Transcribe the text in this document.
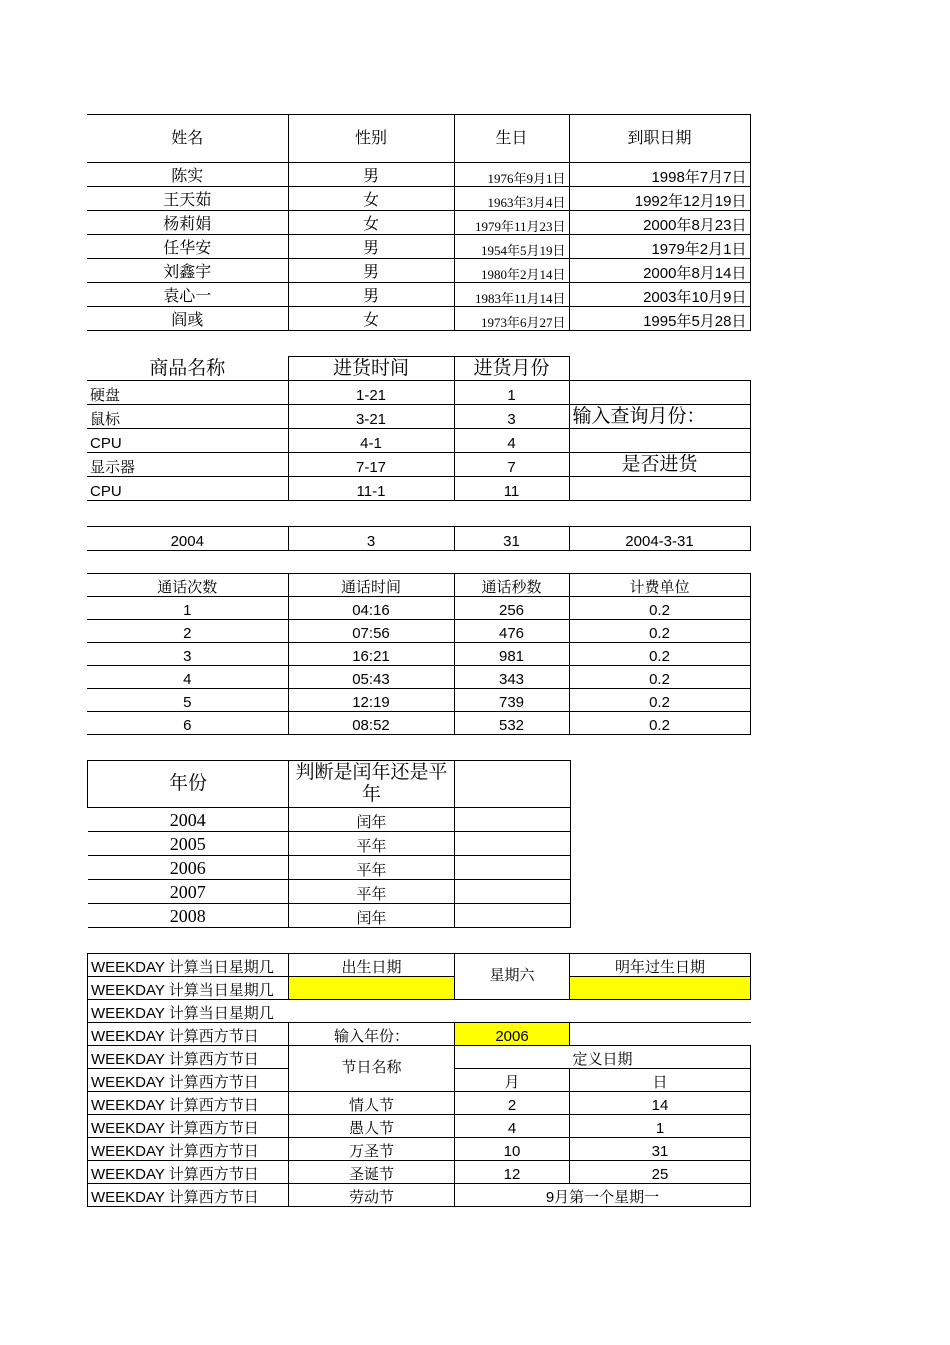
姓名	性别	生日	到职日期
陈实	男	1976年9月1日	1998年7月7日
王天茹	女	1963年3月4日	1992年12月19日
杨莉娟	女	1979年11月23日	2000年8月23日
任华安	男	1954年5月19日	1979年2月1日
刘鑫宇	男	1980年2月14日	2000年8月14日
袁心一	男	1983年11月14日	2003年10月9日
阎彧	女	1973年6月27日	1995年5月28日
商品名称	进货时间	进货月份	
硬盘	1-21	1	
鼠标	3-21	3	输入查询月份：
CPU	4-1	4	
显示器	7-17	7	是否进货
CPU	11-1	11	
2004	3	31	2004-3-31
通话次数	通话时间	通话秒数	计费单位
1	04:16	256	0.2
2	07:56	476	0.2
3	16:21	981	0.2
4	05:43	343	0.2
5	12:19	739	0.2
6	08:52	532	0.2
年份	判断是闰年还是平年	
2004	闰年	
2005	平年	
2006	平年	
2007	平年	
2008	闰年	
WEEKDAY 计算当日星期几	出生日期	星期六	明年过生日期
WEEKDAY 计算当日星期几			
WEEKDAY 计算当日星期几			
WEEKDAY 计算西方节日	输入年份：	2006	
WEEKDAY 计算西方节日	节日名称	定义日期	
WEEKDAY 计算西方节日		月	日
WEEKDAY 计算西方节日	情人节	2	14
WEEKDAY 计算西方节日	愚人节	4	1
WEEKDAY 计算西方节日	万圣节	10	31
WEEKDAY 计算西方节日	圣诞节	12	25
WEEKDAY 计算西方节日	劳动节	9月第一个星期一	
